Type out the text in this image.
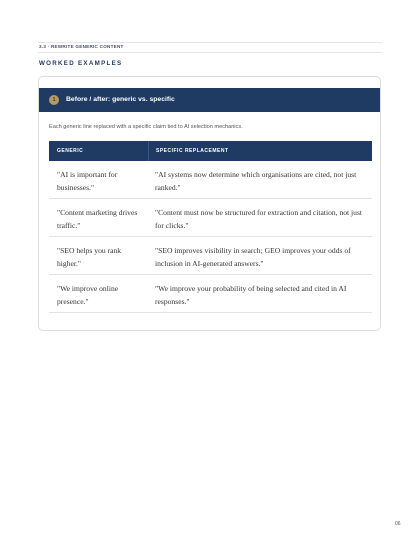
3.3 · REWRITE GENERIC CONTENT
WORKED EXAMPLES
1	Before / after: generic vs. specific
Each generic line replaced with a specific claim tied to AI selection mechanics.
GENERIC	SPECIFIC REPLACEMENT
"AI is important for businesses."
"AI systems now determine which organisations are cited, not just ranked."
"Content marketing drives traffic."
"Content must now be structured for extraction and citation, not just for clicks."
"SEO helps you rank higher."
"SEO improves visibility in search; GEO improves your odds of inclusion in AI-generated answers."
"We improve online presence."
"We improve your probability of being selected and cited in AI responses."
06
